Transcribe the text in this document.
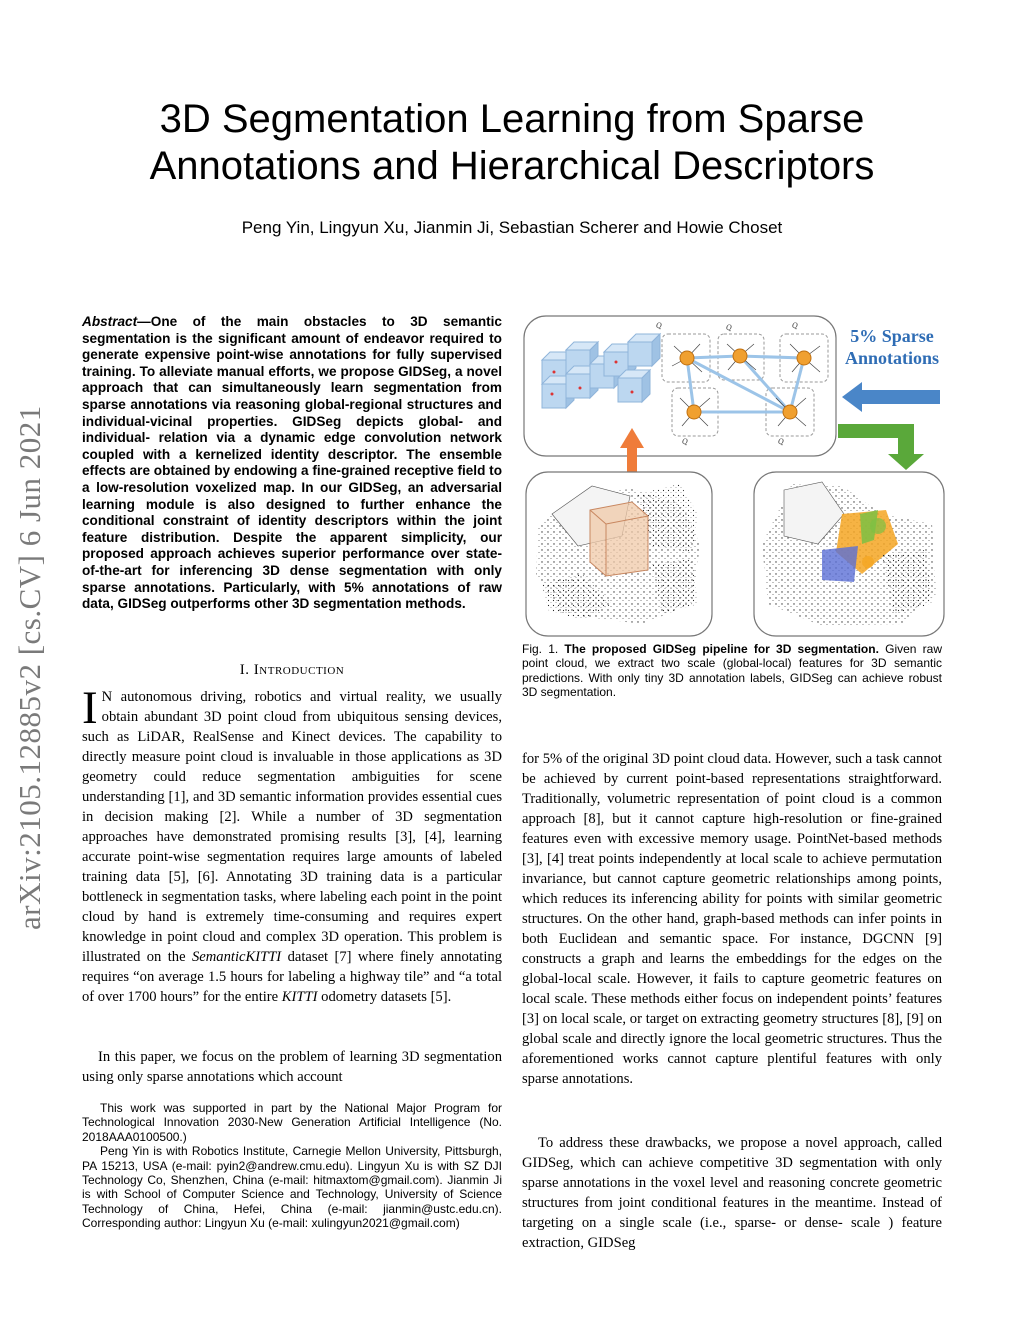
arXiv:2105.12885v2 [cs.CV] 6 Jun 2021
3D Segmentation Learning from Sparse
Annotations and Hierarchical Descriptors
Peng Yin, Lingyun Xu, Jianmin Ji, Sebastian Scherer and Howie Choset

Abstract—One of the main obstacles to 3D semantic segmentation is the significant amount of endeavor required to generate expensive point-wise annotations for fully supervised training. To alleviate manual efforts, we propose GIDSeg, a novel approach that can simultaneously learn segmentation from sparse annotations via reasoning global-regional structures and individual-vicinal properties. GIDSeg depicts global- and individual- relation via a dynamic edge convolution network coupled with a kernelized identity descriptor. The ensemble effects are obtained by endowing a fine-grained receptive field to a low-resolution voxelized map. In our GIDSeg, an adversarial learning module is also designed to further enhance the conditional constraint of identity descriptors within the joint feature distribution. Despite the apparent simplicity, our proposed approach achieves superior performance over state-of-the-art for inferencing 3D dense segmentation with only sparse annotations. Particularly, with 5% annotations of raw data, GIDSeg outperforms other 3D segmentation methods.

I. Introduction

I N autonomous driving, robotics and virtual reality, we usually obtain abundant 3D point cloud from ubiquitous sensing devices, such as LiDAR, RealSense and Kinect devices. The capability to directly measure point cloud is invaluable in those applications as 3D geometry could reduce segmentation ambiguities for scene understanding [1], and 3D semantic information provides essential cues in decision making [2]. While a number of 3D segmentation approaches have demonstrated promising results [3], [4], learning accurate point-wise segmentation requires large amounts of labeled training data [5], [6]. Annotating 3D training data is a particular bottleneck in segmentation tasks, where labeling each point in the point cloud by hand is extremely time-consuming and requires expert knowledge in point cloud and complex 3D operation. This problem is illustrated on the SemanticKITTI dataset [7] where finely annotating requires “on average 1.5 hours for labeling a highway tile” and “a total of over 1700 hours” for the entire KITTI odometry datasets [5].

In this paper, we focus on the problem of learning 3D segmentation using only sparse annotations which account

This work was supported in part by the National Major Program for Technological Innovation 2030-New Generation Artificial Intelligence (No. 2018AAA0100500.)

Peng Yin is with Robotics Institute, Carnegie Mellon University, Pittsburgh, PA 15213, USA (e-mail: pyin2@andrew.cmu.edu). Lingyun Xu is with SZ DJI Technology Co, Shenzhen, China (e-mail: hitmaxtom@gmail.com). Jianmin Ji is with School of Computer Science and Technology, University of Science Technology of China, Hefei, China (e-mail: jianmin@ustc.edu.cn). Corresponding author: Lingyun Xu (e-mail: xulingyun2021@gmail.com)

Q	Q	Q
Q	Q
5% Sparse
Annotations

Fig. 1. The proposed GIDSeg pipeline for 3D segmentation. Given raw point cloud, we extract two scale (global-local) features for 3D semantic predictions. With only tiny 3D annotation labels, GIDSeg can achieve robust 3D segmentation.

for 5% of the original 3D point cloud data. However, such a task cannot be achieved by current point-based representations straightforward. Traditionally, volumetric representation of point cloud is a common approach [8], but it cannot capture high-resolution or fine-grained features even with excessive memory usage. PointNet-based methods [3], [4] treat points independently at local scale to achieve permutation invariance, but cannot capture geometric relationships among points, which reduces its inferencing ability for points with similar geometric structures. On the other hand, graph-based methods can infer points in both Euclidean and semantic space. For instance, DGCNN [9] constructs a graph and learns the embeddings for the edges on the global-local scale. However, it fails to capture geometric features on local scale. These methods either focus on independent points’ features [3] on local scale, or target on extracting geometry structures [8], [9] on global scale and directly ignore the local geometric structures. Thus the aforementioned works cannot capture plentiful features with only sparse annotations.

To address these drawbacks, we propose a novel approach, called GIDSeg, which can achieve competitive 3D segmentation with only sparse annotations in the voxel level and reasoning concrete geometric structures from joint conditional features in the meantime. Instead of targeting on a single scale (i.e., sparse- or dense- scale ) feature extraction, GIDSeg
